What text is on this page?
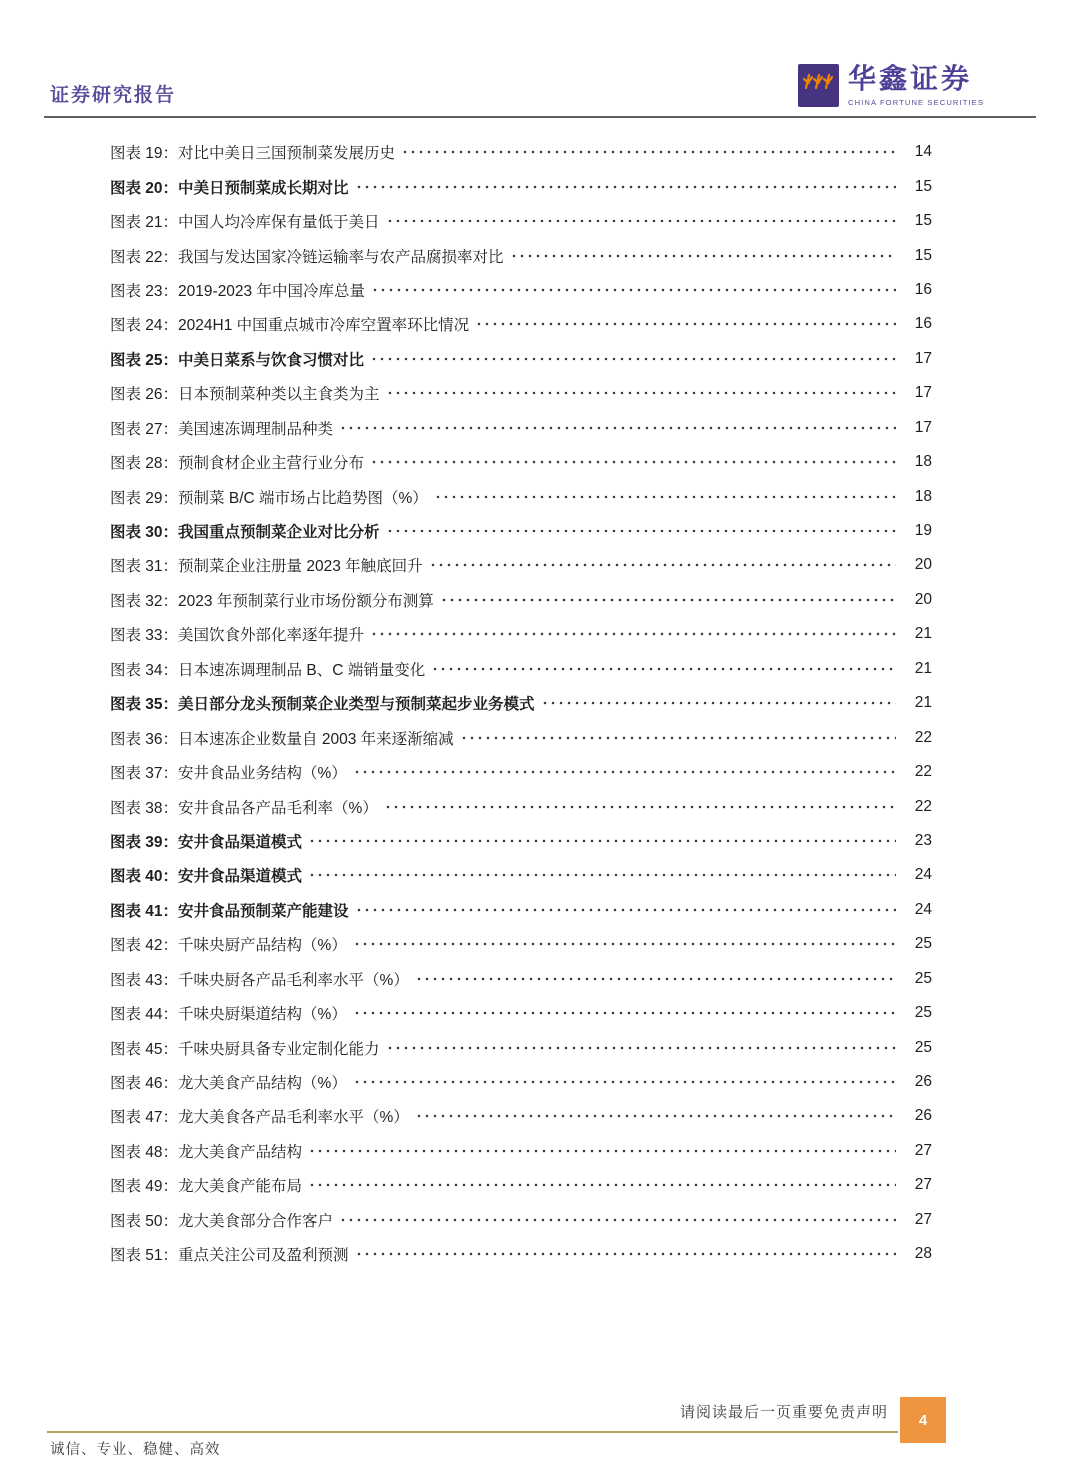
证券研究报告
华鑫证券
CHINA FORTUNE SECURITIES
图表 19：对比中美日三国预制菜发展历史	14
图表 20：中美日预制菜成长期对比	15
图表 21：中国人均冷库保有量低于美日	15
图表 22：我国与发达国家冷链运输率与农产品腐损率对比	15
图表 23：2019-2023 年中国冷库总量	16
图表 24：2024H1 中国重点城市冷库空置率环比情况	16
图表 25：中美日菜系与饮食习惯对比	17
图表 26：日本预制菜种类以主食类为主	17
图表 27：美国速冻调理制品种类	17
图表 28：预制食材企业主营行业分布	18
图表 29：预制菜 B/C 端市场占比趋势图（%）	18
图表 30：我国重点预制菜企业对比分析	19
图表 31：预制菜企业注册量 2023 年触底回升	20
图表 32：2023 年预制菜行业市场份额分布测算	20
图表 33：美国饮食外部化率逐年提升	21
图表 34：日本速冻调理制品 B、C 端销量变化	21
图表 35：美日部分龙头预制菜企业类型与预制菜起步业务模式	21
图表 36：日本速冻企业数量自 2003 年来逐渐缩减	22
图表 37：安井食品业务结构（%）	22
图表 38：安井食品各产品毛利率（%）	22
图表 39：安井食品渠道模式	23
图表 40：安井食品渠道模式	24
图表 41：安井食品预制菜产能建设	24
图表 42：千味央厨产品结构（%）	25
图表 43：千味央厨各产品毛利率水平（%）	25
图表 44：千味央厨渠道结构（%）	25
图表 45：千味央厨具备专业定制化能力	25
图表 46：龙大美食产品结构（%）	26
图表 47：龙大美食各产品毛利率水平（%）	26
图表 48：龙大美食产品结构	27
图表 49：龙大美食产能布局	27
图表 50：龙大美食部分合作客户	27
图表 51：重点关注公司及盈利预测	28
请阅读最后一页重要免责声明	4
诚信、专业、稳健、高效
